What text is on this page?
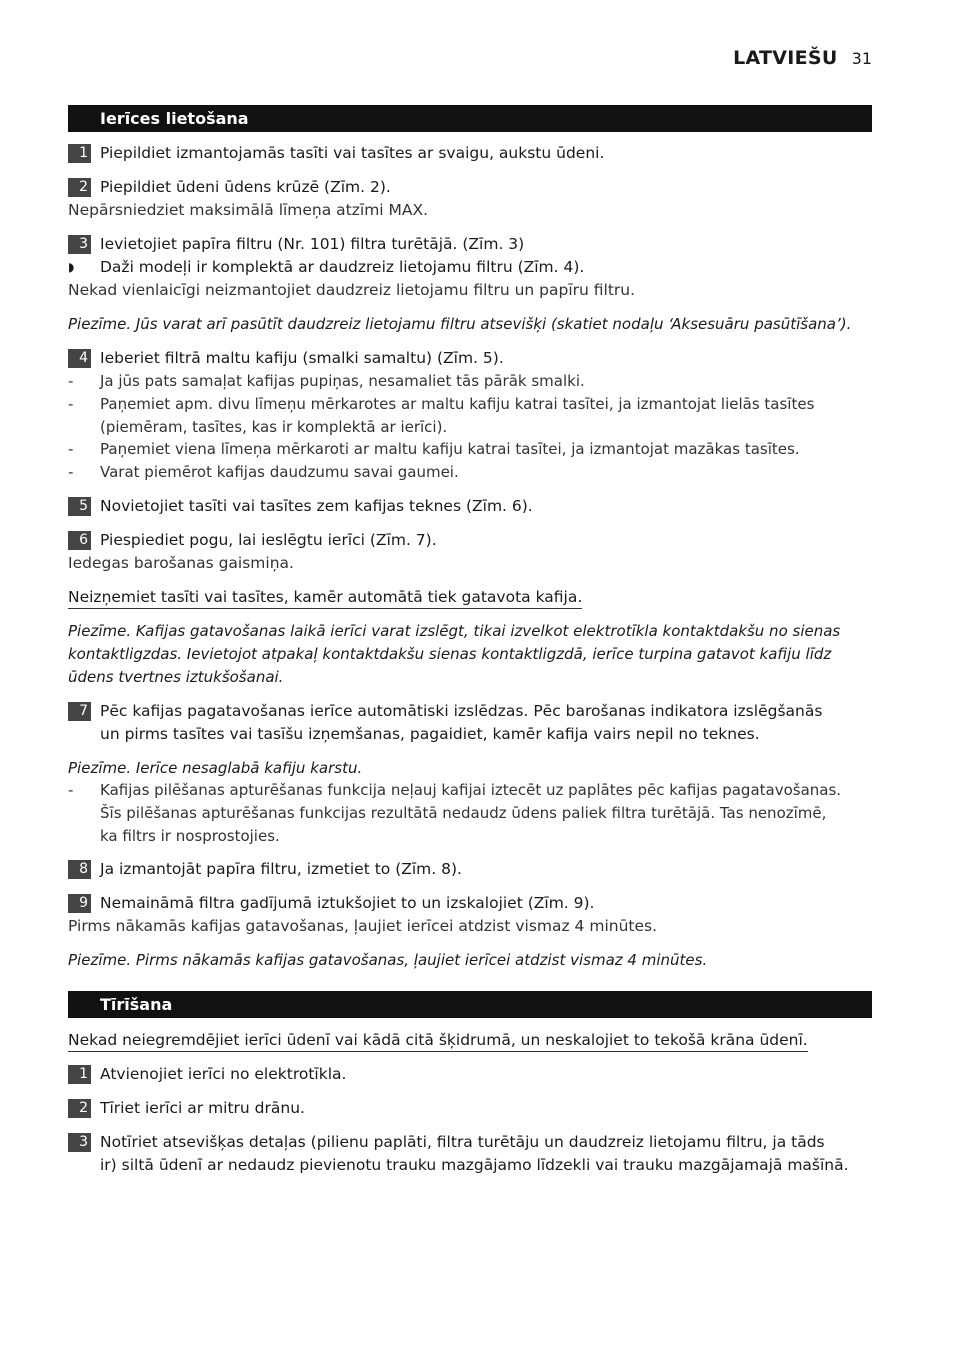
LATVIEŠU 31
Ierīces lietošana
1 Piepildiet izmantojamās tasīti vai tasītes ar svaigu, aukstu ūdeni.
2 Piepildiet ūdeni ūdens krūzē (Zīm. 2).
Nepārsniedziet maksimālā līmeņa atzīmi MAX.
3 Ievietojiet papīra filtru (Nr. 101) filtra turētājā. (Zīm. 3)
◗	Daži modeļi ir komplektā ar daudzreiz lietojamu filtru (Zīm. 4).
Nekad vienlaicīgi neizmantojiet daudzreiz lietojamu filtru un papīru filtru.
Piezīme. Jūs varat arī pasūtīt daudzreiz lietojamu filtru atsevišķi (skatiet nodaļu ‘Aksesuāru pasūtīšana’).
4 Ieberiet filtrā maltu kafiju (smalki samaltu) (Zīm. 5).
-	Ja jūs pats samaļat kafijas pupiņas, nesamaliet tās pārāk smalki.
-	Paņemiet apm. divu līmeņu mērkarotes ar maltu kafiju katrai tasītei, ja izmantojat lielās tasītes
(piemēram, tasītes, kas ir komplektā ar ierīci).
-	Paņemiet viena līmeņa mērkaroti ar maltu kafiju katrai tasītei, ja izmantojat mazākas tasītes.
-	Varat piemērot kafijas daudzumu savai gaumei.
5 Novietojiet tasīti vai tasītes zem kafijas teknes (Zīm. 6).
6 Piespiediet pogu, lai ieslēgtu ierīci (Zīm. 7).
Iedegas barošanas gaismiņa.
Neizņemiet tasīti vai tasītes, kamēr automātā tiek gatavota kafija.
Piezīme. Kafijas gatavošanas laikā ierīci varat izslēgt, tikai izvelkot elektrotīkla kontaktdakšu no sienas
kontaktligzdas. Ievietojot atpakaļ kontaktdakšu sienas kontaktligzdā, ierīce turpina gatavot kafiju līdz
ūdens tvertnes iztukšošanai.
7 Pēc kafijas pagatavošanas ierīce automātiski izslēdzas. Pēc barošanas indikatora izslēgšanās
un pirms tasītes vai tasīšu izņemšanas, pagaidiet, kamēr kafija vairs nepil no teknes.
Piezīme. Ierīce nesaglabā kafiju karstu.
-	Kafijas pilēšanas apturēšanas funkcija neļauj kafijai iztecēt uz paplātes pēc kafijas pagatavošanas.
Šīs pilēšanas apturēšanas funkcijas rezultātā nedaudz ūdens paliek filtra turētājā. Tas nenozīmē,
ka filtrs ir nosprostojies.
8 Ja izmantojāt papīra filtru, izmetiet to (Zīm. 8).
9 Nemaināmā filtra gadījumā iztukšojiet to un izskalojiet (Zīm. 9).
Pirms nākamās kafijas gatavošanas, ļaujiet ierīcei atdzist vismaz 4 minūtes.
Piezīme. Pirms nākamās kafijas gatavošanas, ļaujiet ierīcei atdzist vismaz 4 minūtes.
Tīrīšana
Nekad neiegremdējiet ierīci ūdenī vai kādā citā šķidrumā, un neskalojiet to tekošā krāna ūdenī.
1 Atvienojiet ierīci no elektrotīkla.
2 Tīriet ierīci ar mitru drānu.
3 Notīriet atsevišķas detaļas (pilienu paplāti, filtra turētāju un daudzreiz lietojamu filtru, ja tāds
ir) siltā ūdenī ar nedaudz pievienotu trauku mazgājamo līdzekli vai trauku mazgājamajā mašīnā.
